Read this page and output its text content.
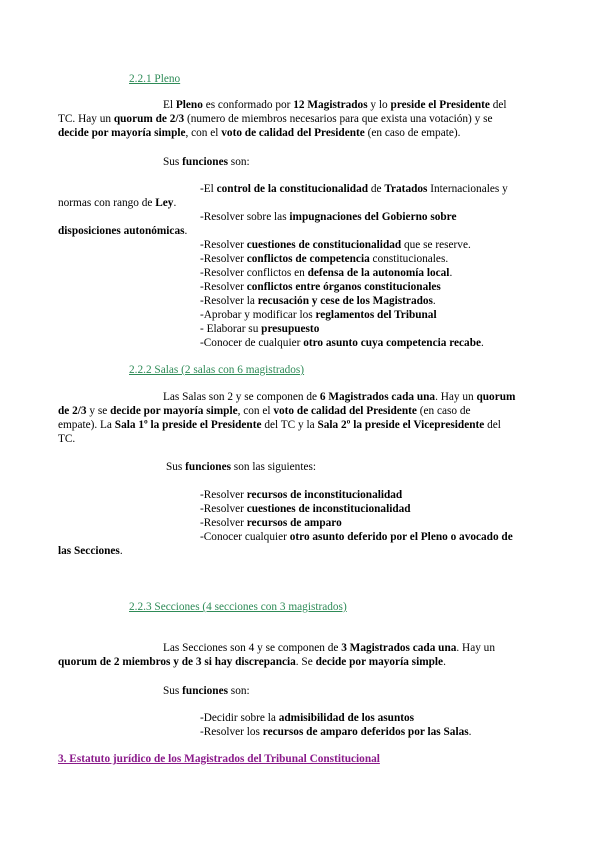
2.2.1 Pleno
El Pleno es conformado por 12 Magistrados y lo preside el Presidente del
TC. Hay un quorum de 2/3 (numero de miembros necesarios para que exista una votación) y se
decide por mayoría simple, con el voto de calidad del Presidente (en caso de empate).
Sus funciones son:
-El control de la constitucionalidad de Tratados Internacionales y
normas con rango de Ley.
-Resolver sobre las impugnaciones del Gobierno sobre
disposiciones autonómicas.
-Resolver cuestiones de constitucionalidad que se reserve.
-Resolver conflictos de competencia constitucionales.
-Resolver conflictos en defensa de la autonomía local.
-Resolver conflictos entre órganos constitucionales
-Resolver la recusación y cese de los Magistrados.
-Aprobar y modificar los reglamentos del Tribunal
- Elaborar su presupuesto
-Conocer de cualquier otro asunto cuya competencia recabe.
2.2.2 Salas (2 salas con 6 magistrados)
Las Salas son 2 y se componen de 6 Magistrados cada una. Hay un quorum
de 2/3 y se decide por mayoría simple, con el voto de calidad del Presidente (en caso de
empate). La Sala 1º la preside el Presidente del TC y la Sala 2º la preside el Vicepresidente del
TC.
Sus funciones son las siguientes:
-Resolver recursos de inconstitucionalidad
-Resolver cuestiones de inconstitucionalidad
-Resolver recursos de amparo
-Conocer cualquier otro asunto deferido por el Pleno o avocado de
las Secciones.
2.2.3 Secciones (4 secciones con 3 magistrados)
Las Secciones son 4 y se componen de 3 Magistrados cada una. Hay un
quorum de 2 miembros y de 3 si hay discrepancia. Se decide por mayoría simple.
Sus funciones son:
-Decidir sobre la admisibilidad de los asuntos
-Resolver los recursos de amparo deferidos por las Salas.
3. Estatuto jurídico de los Magistrados del Tribunal Constitucional
